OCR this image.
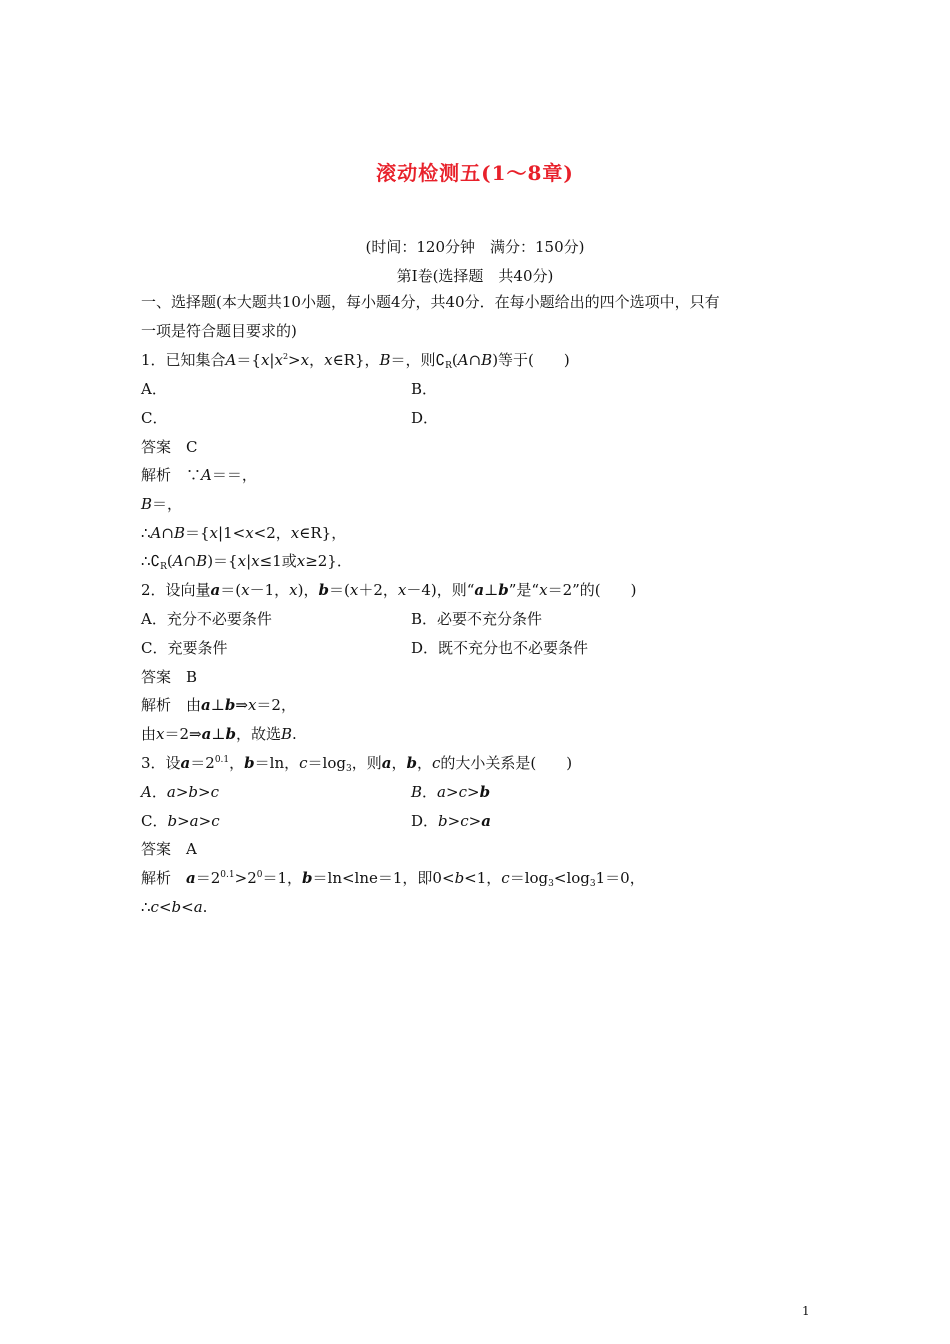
滚动检测五(1～8章)
(时间：120分钟　满分：150分)
第Ⅰ卷(选择题　共40分)
一、选择题(本大题共10小题，每小题4分，共40分．在每小题给出的四个选项中，只有
一项是符合题目要求的)
1．已知集合$A=\{x|x^2>x$，x∈R}，B＝，则$∁_R(A\cap B)$等于(　　)
A．	B．
C．	D．
答案　C
解析　∵A＝＝，
B＝，
∴A∩B＝{x|1<x<2，x∈R}，
$\therefore∁_R(A\cap B)=\{x|x\le 1$或x≥2}．
2．设向量a＝(x－1，x)，b＝(x＋2，x－4)，则“a⊥b”是“x＝2”的(　　)
A．充分不必要条件	B．必要不充分条件
C．充要条件	D．既不充分也不必要条件
答案　B
解析　由a⊥b⇒x＝2，
由x＝2⇒a⊥b，故选B.
3．设$a=2^{0.1}$，b＝ln，$c=\log_3$，则a，b，c的大小关系是(　　)
A．a>b>c	B．a>c>b
C．b>a>c	D．b>c>a
答案　A
解析　$a=2^{0.1}>2^0=1$，b＝ln<lne＝1，即0<b<1，$c=\log_3<\log_31=0$，
∴c<b<a.
1
